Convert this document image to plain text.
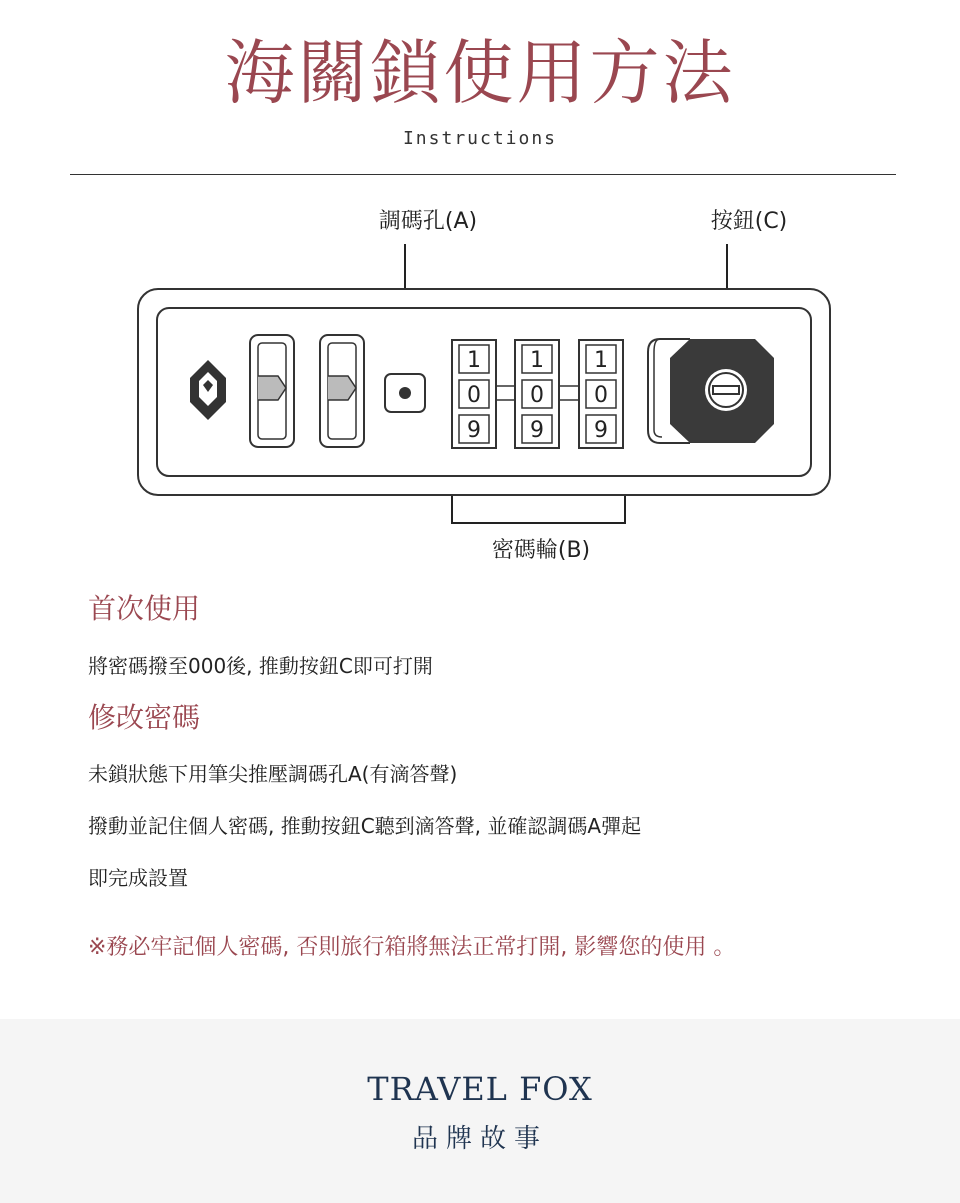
海關鎖使用方法
Instructions
調碼孔(A)	按鈕(C)
密碼輪(B)
1
0
9
1
0
9
1
0
9
首次使用
將密碼撥至000後, 推動按鈕C即可打開
修改密碼
未鎖狀態下用筆尖推壓調碼孔A(有滴答聲)
撥動並記住個人密碼, 推動按鈕C聽到滴答聲, 並確認調碼A彈起
即完成設置
※務必牢記個人密碼, 否則旅行箱將無法正常打開, 影響您的使用 。
TRAVEL FOX
品牌故事
